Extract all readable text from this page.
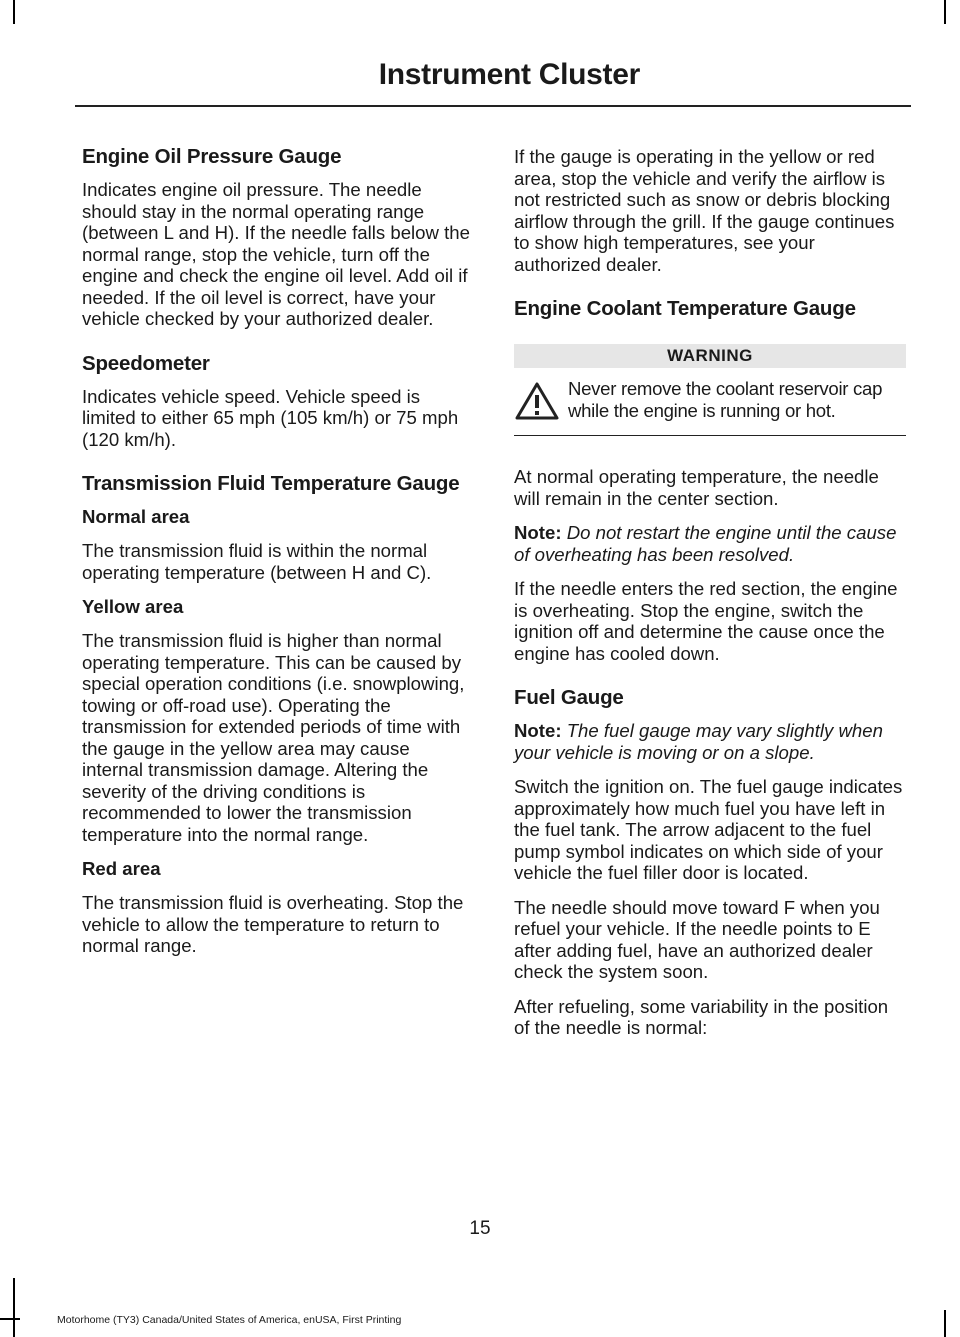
Instrument Cluster
Engine Oil Pressure Gauge

Indicates engine oil pressure. The needle should stay in the normal operating range (between L and H). If the needle falls below the normal range, stop the vehicle, turn off the engine and check the engine oil level. Add oil if needed. If the oil level is correct, have your vehicle checked by your authorized dealer.

Speedometer

Indicates vehicle speed. Vehicle speed is limited to either 65 mph (105 km/h) or 75 mph (120 km/h).

Transmission Fluid Temperature Gauge
Normal area

The transmission fluid is within the normal operating temperature (between H and C).

Yellow area

The transmission fluid is higher than normal operating temperature. This can be caused by special operation conditions (i.e. snowplowing, towing or off-road use). Operating the transmission for extended periods of time with the gauge in the yellow area may cause internal transmission damage. Altering the severity of the driving conditions is recommended to lower the transmission temperature into the normal range.

Red area

The transmission fluid is overheating. Stop the vehicle to allow the temperature to return to normal range.

If the gauge is operating in the yellow or red area, stop the vehicle and verify the airflow is not restricted such as snow or debris blocking airflow through the grill. If the gauge continues to show high temperatures, see your authorized dealer.

Engine Coolant Temperature Gauge
WARNING
Never remove the coolant reservoir cap while the engine is running or hot.

At normal operating temperature, the needle will remain in the center section.

Note: Do not restart the engine until the cause of overheating has been resolved.

If the needle enters the red section, the engine is overheating. Stop the engine, switch the ignition off and determine the cause once the engine has cooled down.

Fuel Gauge

Note: The fuel gauge may vary slightly when your vehicle is moving or on a slope.

Switch the ignition on. The fuel gauge indicates approximately how much fuel you have left in the fuel tank. The arrow adjacent to the fuel pump symbol indicates on which side of your vehicle the fuel filler door is located.

The needle should move toward F when you refuel your vehicle. If the needle points to E after adding fuel, have an authorized dealer check the system soon.

After refueling, some variability in the position of the needle is normal:

15
Motorhome (TY3) Canada/United States of America, enUSA, First Printing
